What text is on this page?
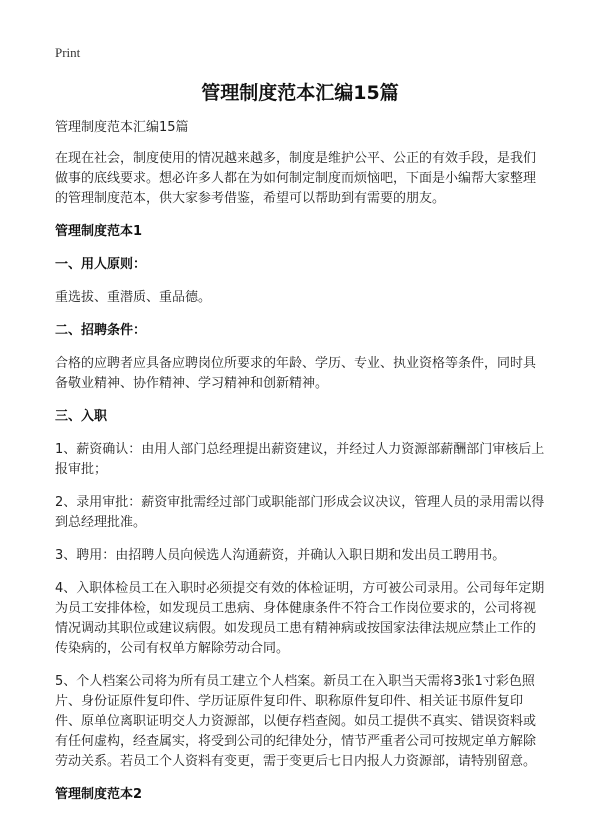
Print
管理制度范本汇编15篇

管理制度范本汇编15篇

在现在社会，制度使用的情况越来越多，制度是维护公平、公正的有效手段，是我们做事的底线要求。想必许多人都在为如何制定制度而烦恼吧，下面是小编帮大家整理的管理制度范本，供大家参考借鉴，希望可以帮助到有需要的朋友。

管理制度范本1

一、用人原则：

重选拔、重潜质、重品德。

二、招聘条件：

合格的应聘者应具备应聘岗位所要求的年龄、学历、专业、执业资格等条件，同时具备敬业精神、协作精神、学习精神和创新精神。

三、入职

1、薪资确认：由用人部门总经理提出薪资建议，并经过人力资源部薪酬部门审核后上报审批；

2、录用审批：薪资审批需经过部门或职能部门形成会议决议，管理人员的录用需以得到总经理批准。

3、聘用：由招聘人员向候选人沟通薪资，并确认入职日期和发出员工聘用书。

4、入职体检员工在入职时必须提交有效的体检证明，方可被公司录用。公司每年定期为员工安排体检，如发现员工患病、身体健康条件不符合工作岗位要求的，公司将视情况调动其职位或建议病假。如发现员工患有精神病或按国家法律法规应禁止工作的传染病的，公司有权单方解除劳动合同。

5、个人档案公司将为所有员工建立个人档案。新员工在入职当天需将3张1寸彩色照片、身份证原件复印件、学历证原件复印件、职称原件复印件、相关证书原件复印件、原单位离职证明交人力资源部，以便存档查阅。如员工提供不真实、错误资料或有任何虚构，经查属实，将受到公司的纪律处分，情节严重者公司可按规定单方解除劳动关系。若员工个人资料有变更，需于变更后七日内报人力资源部，请特别留意。

管理制度范本2
